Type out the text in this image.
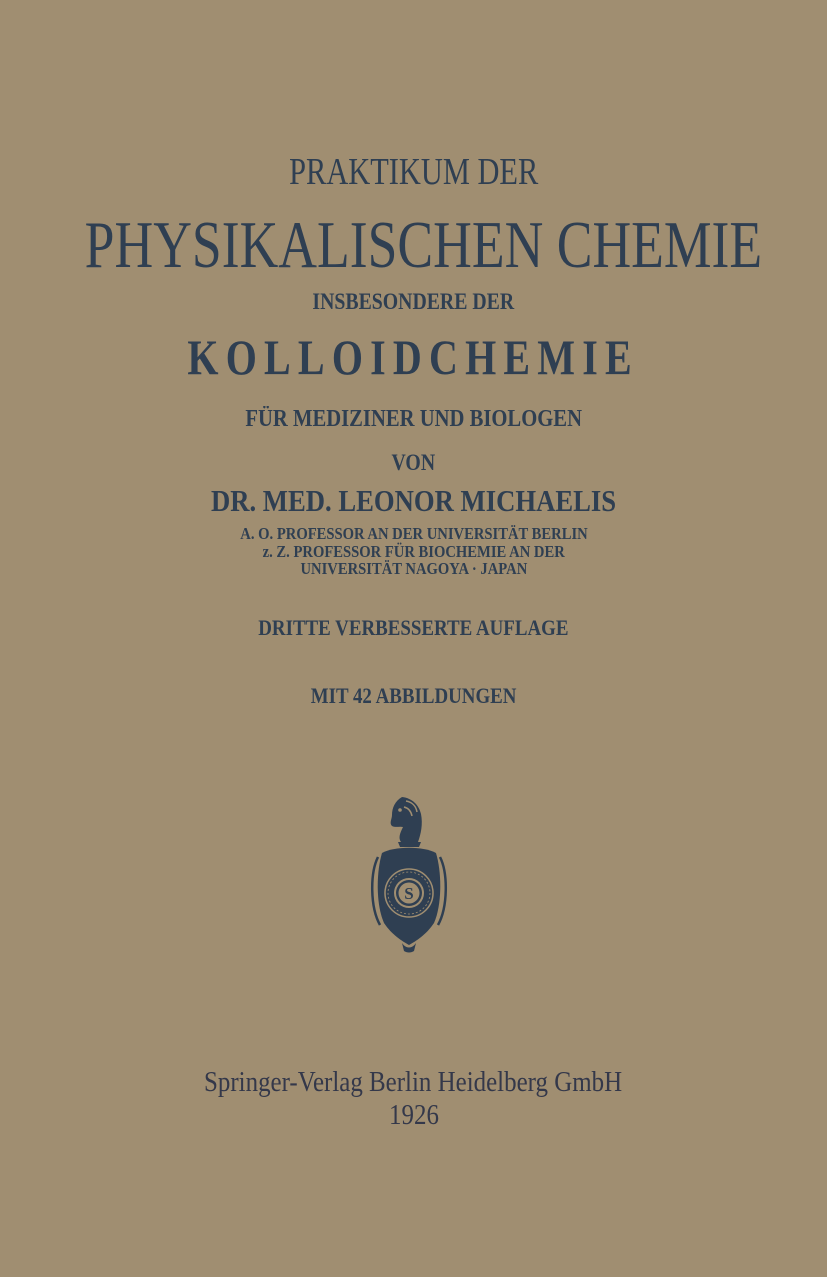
PRAKTIKUM DER
PHYSIKALISCHEN CHEMIE
INSBESONDERE DER
KOLLOIDCHEMIE
FÜR MEDIZINER UND BIOLOGEN
VON
DR. MED. LEONOR MICHAELIS
A. O. PROFESSOR AN DER UNIVERSITÄT BERLIN
z. Z. PROFESSOR FÜR BIOCHEMIE AN DER
UNIVERSITÄT NAGOYA · JAPAN
DRITTE VERBESSERTE AUFLAGE
MIT 42 ABBILDUNGEN
S
Springer-Verlag Berlin Heidelberg GmbH
1926
